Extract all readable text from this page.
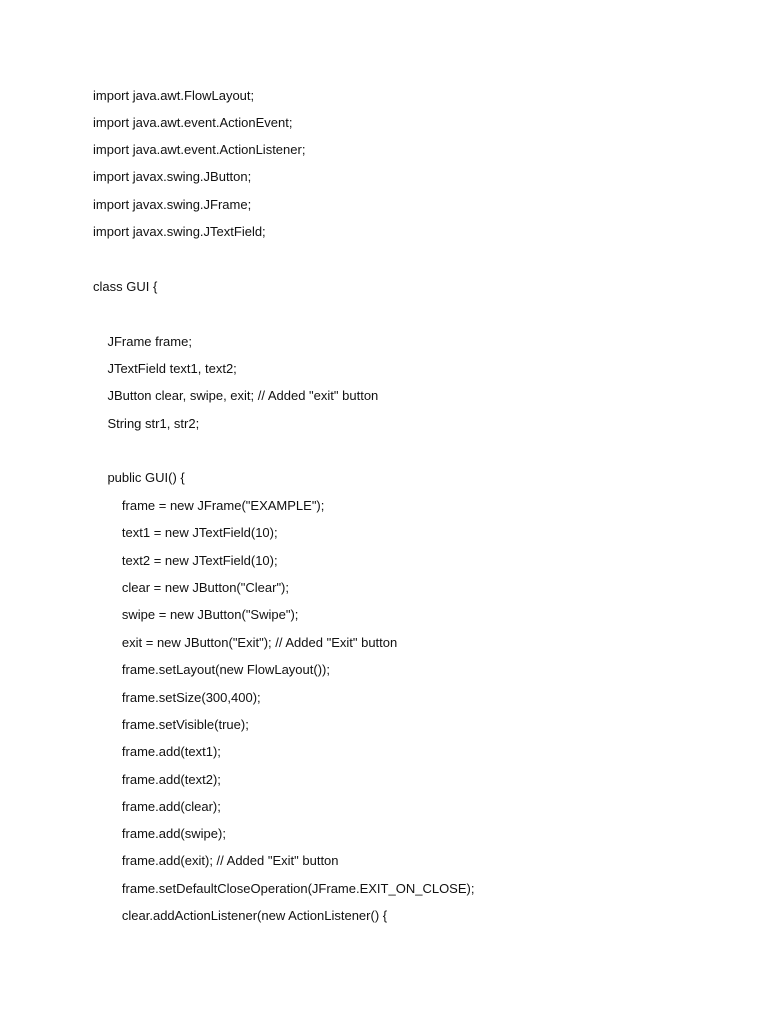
import java.awt.FlowLayout;
import java.awt.event.ActionEvent;
import java.awt.event.ActionListener;
import javax.swing.JButton;
import javax.swing.JFrame;
import javax.swing.JTextField;
class GUI {
JFrame frame;
JTextField text1, text2;
JButton clear, swipe, exit; // Added "exit" button
String str1, str2;
public GUI() {
frame = new JFrame("EXAMPLE");
text1 = new JTextField(10);
text2 = new JTextField(10);
clear = new JButton("Clear");
swipe = new JButton("Swipe");
exit = new JButton("Exit"); // Added "Exit" button
frame.setLayout(new FlowLayout());
frame.setSize(300,400);
frame.setVisible(true);
frame.add(text1);
frame.add(text2);
frame.add(clear);
frame.add(swipe);
frame.add(exit); // Added "Exit" button
frame.setDefaultCloseOperation(JFrame.EXIT_ON_CLOSE);
clear.addActionListener(new ActionListener() {
